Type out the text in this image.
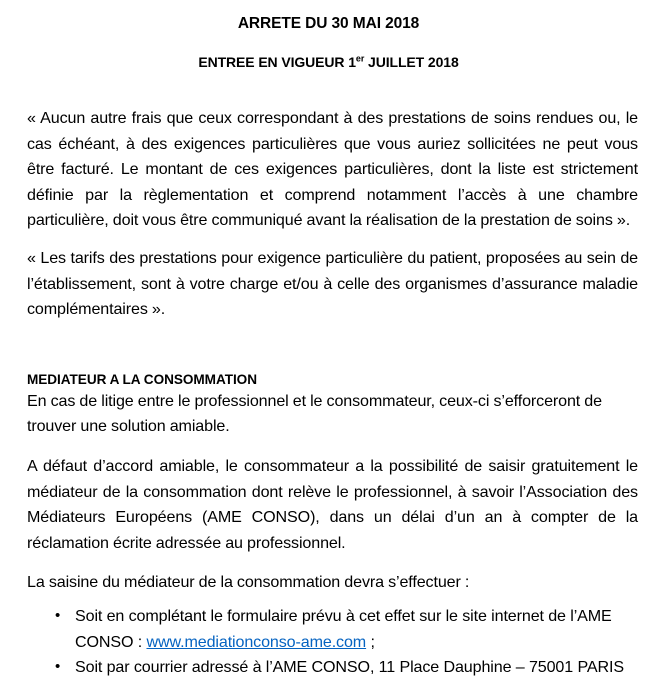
ARRETE DU 30 MAI 2018
ENTREE EN VIGUEUR 1er JUILLET 2018

« Aucun autre frais que ceux correspondant à des prestations de soins rendues ou, le cas échéant, à des exigences particulières que vous auriez sollicitées ne peut vous être facturé. Le montant de ces exigences particulières, dont la liste est strictement définie par la règlementation et comprend notamment l’accès à une chambre particulière, doit vous être communiqué avant la réalisation de la prestation de soins ».

« Les tarifs des prestations pour exigence particulière du patient, proposées au sein de l’établissement, sont à votre charge et/ou à celle des organismes d’assurance maladie complémentaires ».

MEDIATEUR A LA CONSOMMATION

En cas de litige entre le professionnel et le consommateur, ceux-ci s’efforceront de trouver une solution amiable.

A défaut d’accord amiable, le consommateur a la possibilité de saisir gratuitement le médiateur de la consommation dont relève le professionnel, à savoir l’Association des Médiateurs Européens (AME CONSO), dans un délai d’un an à compter de la réclamation écrite adressée au professionnel.

La saisine du médiateur de la consommation devra s’effectuer :

• Soit en complétant le formulaire prévu à cet effet sur le site internet de l’AME CONSO : www.mediationconso-ame.com ;
• Soit par courrier adressé à l’AME CONSO, 11 Place Dauphine – 75001 PARIS
